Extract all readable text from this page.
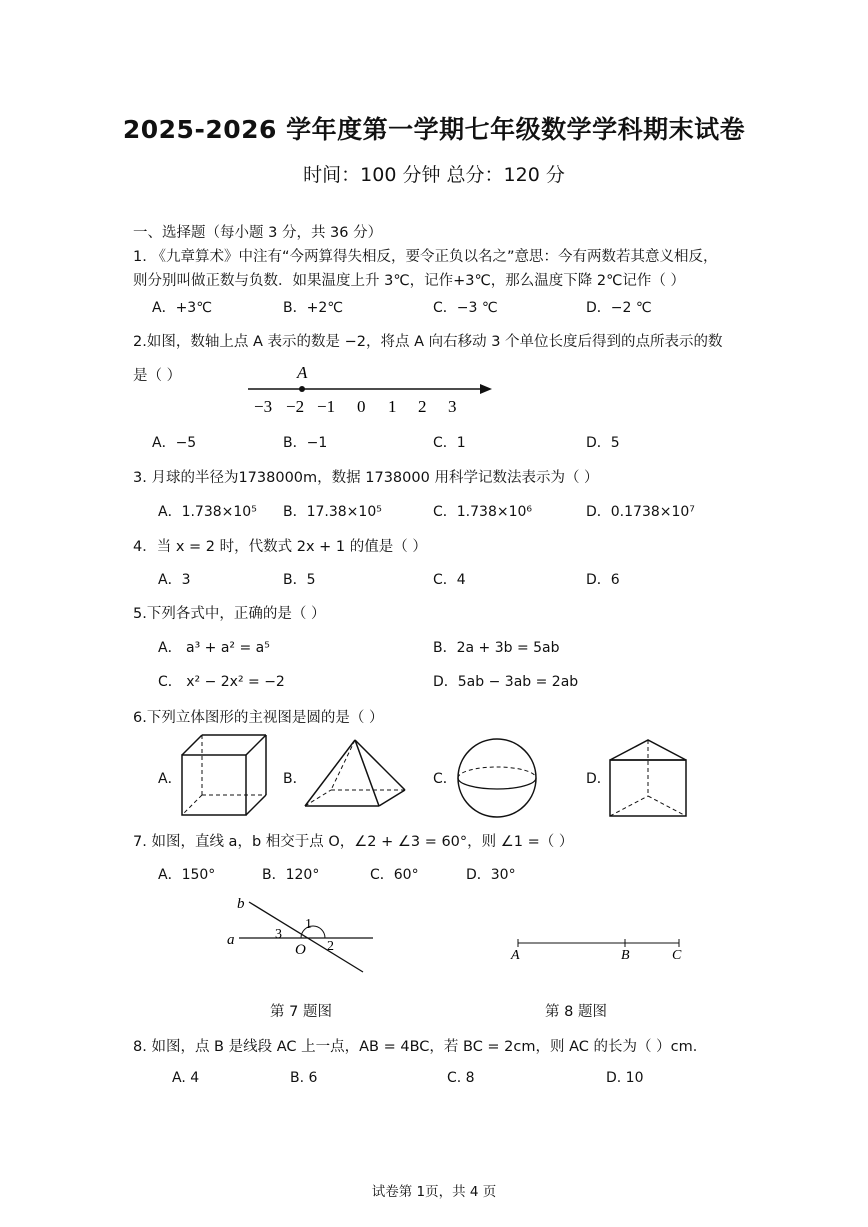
2025-2026 学年度第一学期七年级数学学科期末试卷
时间：100 分钟 总分：120 分
一、选择题（每小题 3 分，共 36 分）
1. 《九章算术》中注有“今两算得失相反，要令正负以名之”意思：今有两数若其意义相反，
则分别叫做正数与负数．如果温度上升 3℃，记作+3℃，那么温度下降 2℃记作（ ）
A．+3℃	B．+2℃	C．−3 ℃	D．−2 ℃
2.如图，数轴上点 A 表示的数是 −2，将点 A 向右移动 3 个单位长度后得到的点所表示的数
是（ ）	A
−3 −2 −1 0 1 2 3
A．−5	B．−1	C．1	D．5
3. 月球的半径为1738000m，数据 1738000 用科学记数法表示为（ ）
A．1.738×10⁵ B．17.38×10⁵	C．1.738×10⁶	D．0.1738×10⁷
4．当 x = 2 时，代数式 2x + 1 的值是（ ）
A．3	B．5	C．4	D．6
5.下列各式中，正确的是（ ）
A． a³ + a² = a⁵	B．2a + 3b = 5ab
C． x² − 2x² = −2	D．5ab − 3ab = 2ab
6.下列立体图形的主视图是圆的是（ ）
A．	B．	C．	D．
7. 如图，直线 a，b 相交于点 O，∠2 + ∠3 = 60°，则 ∠1 =（ ）
A．150°	B．120°	C．60°	D．30°
b
a
O
1
2
3
A	B	C
第 7 题图	第 8 题图
8. 如图，点 B 是线段 AC 上一点，AB = 4BC，若 BC = 2cm，则 AC 的长为（ ）cm．
A. 4	B. 6	C. 8	D. 10
试卷第 1页，共 4 页
